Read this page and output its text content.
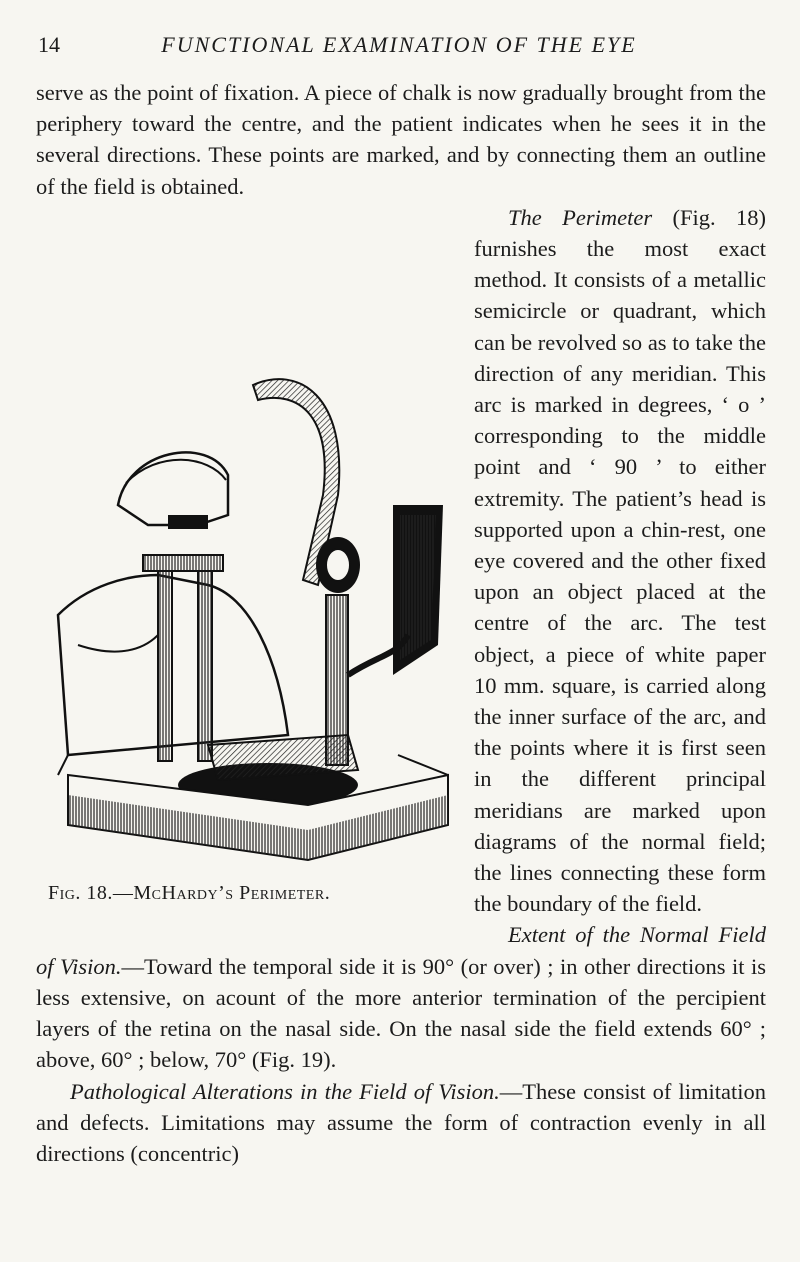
14	FUNCTIONAL EXAMINATION OF THE EYE

serve as the point of fixation. A piece of chalk is now gradually brought from the periphery toward the centre, and the patient indicates when he sees it in the several directions. These points are marked, and by connecting them an outline of the field is obtained.

The Perimeter (Fig. 18) furnishes the most exact method. It consists of a metallic semicircle or quadrant, which can be revolved so as to take the direction of any meridian. This arc is marked in degrees, ‘ o ’ corresponding to the middle point and ‘ 90 ’ to either extremity. The patient’s head is supported upon a chin-rest, one eye covered and the other fixed upon an object placed at the centre of the arc. The test object, a piece of white paper 10 mm. square, is carried along the inner surface of the arc, and the points where it is first seen in the different principal meridians are marked upon diagrams of the normal field; the lines connecting these form the boundary of the field.

Extent of the Normal Field of Vision.—Toward the temporal side it is 90° (or over) ; in other directions it is less extensive, on acount of the more anterior termination of the percipient layers of the retina on the nasal side. On the nasal side the field extends 60° ; above, 60° ; below, 70° (Fig. 19).

Pathological Alterations in the Field of Vision.—These consist of limitation and defects. Limitations may assume the form of contraction evenly in all directions (concentric)

Fig. 18.—McHardy’s Perimeter.
